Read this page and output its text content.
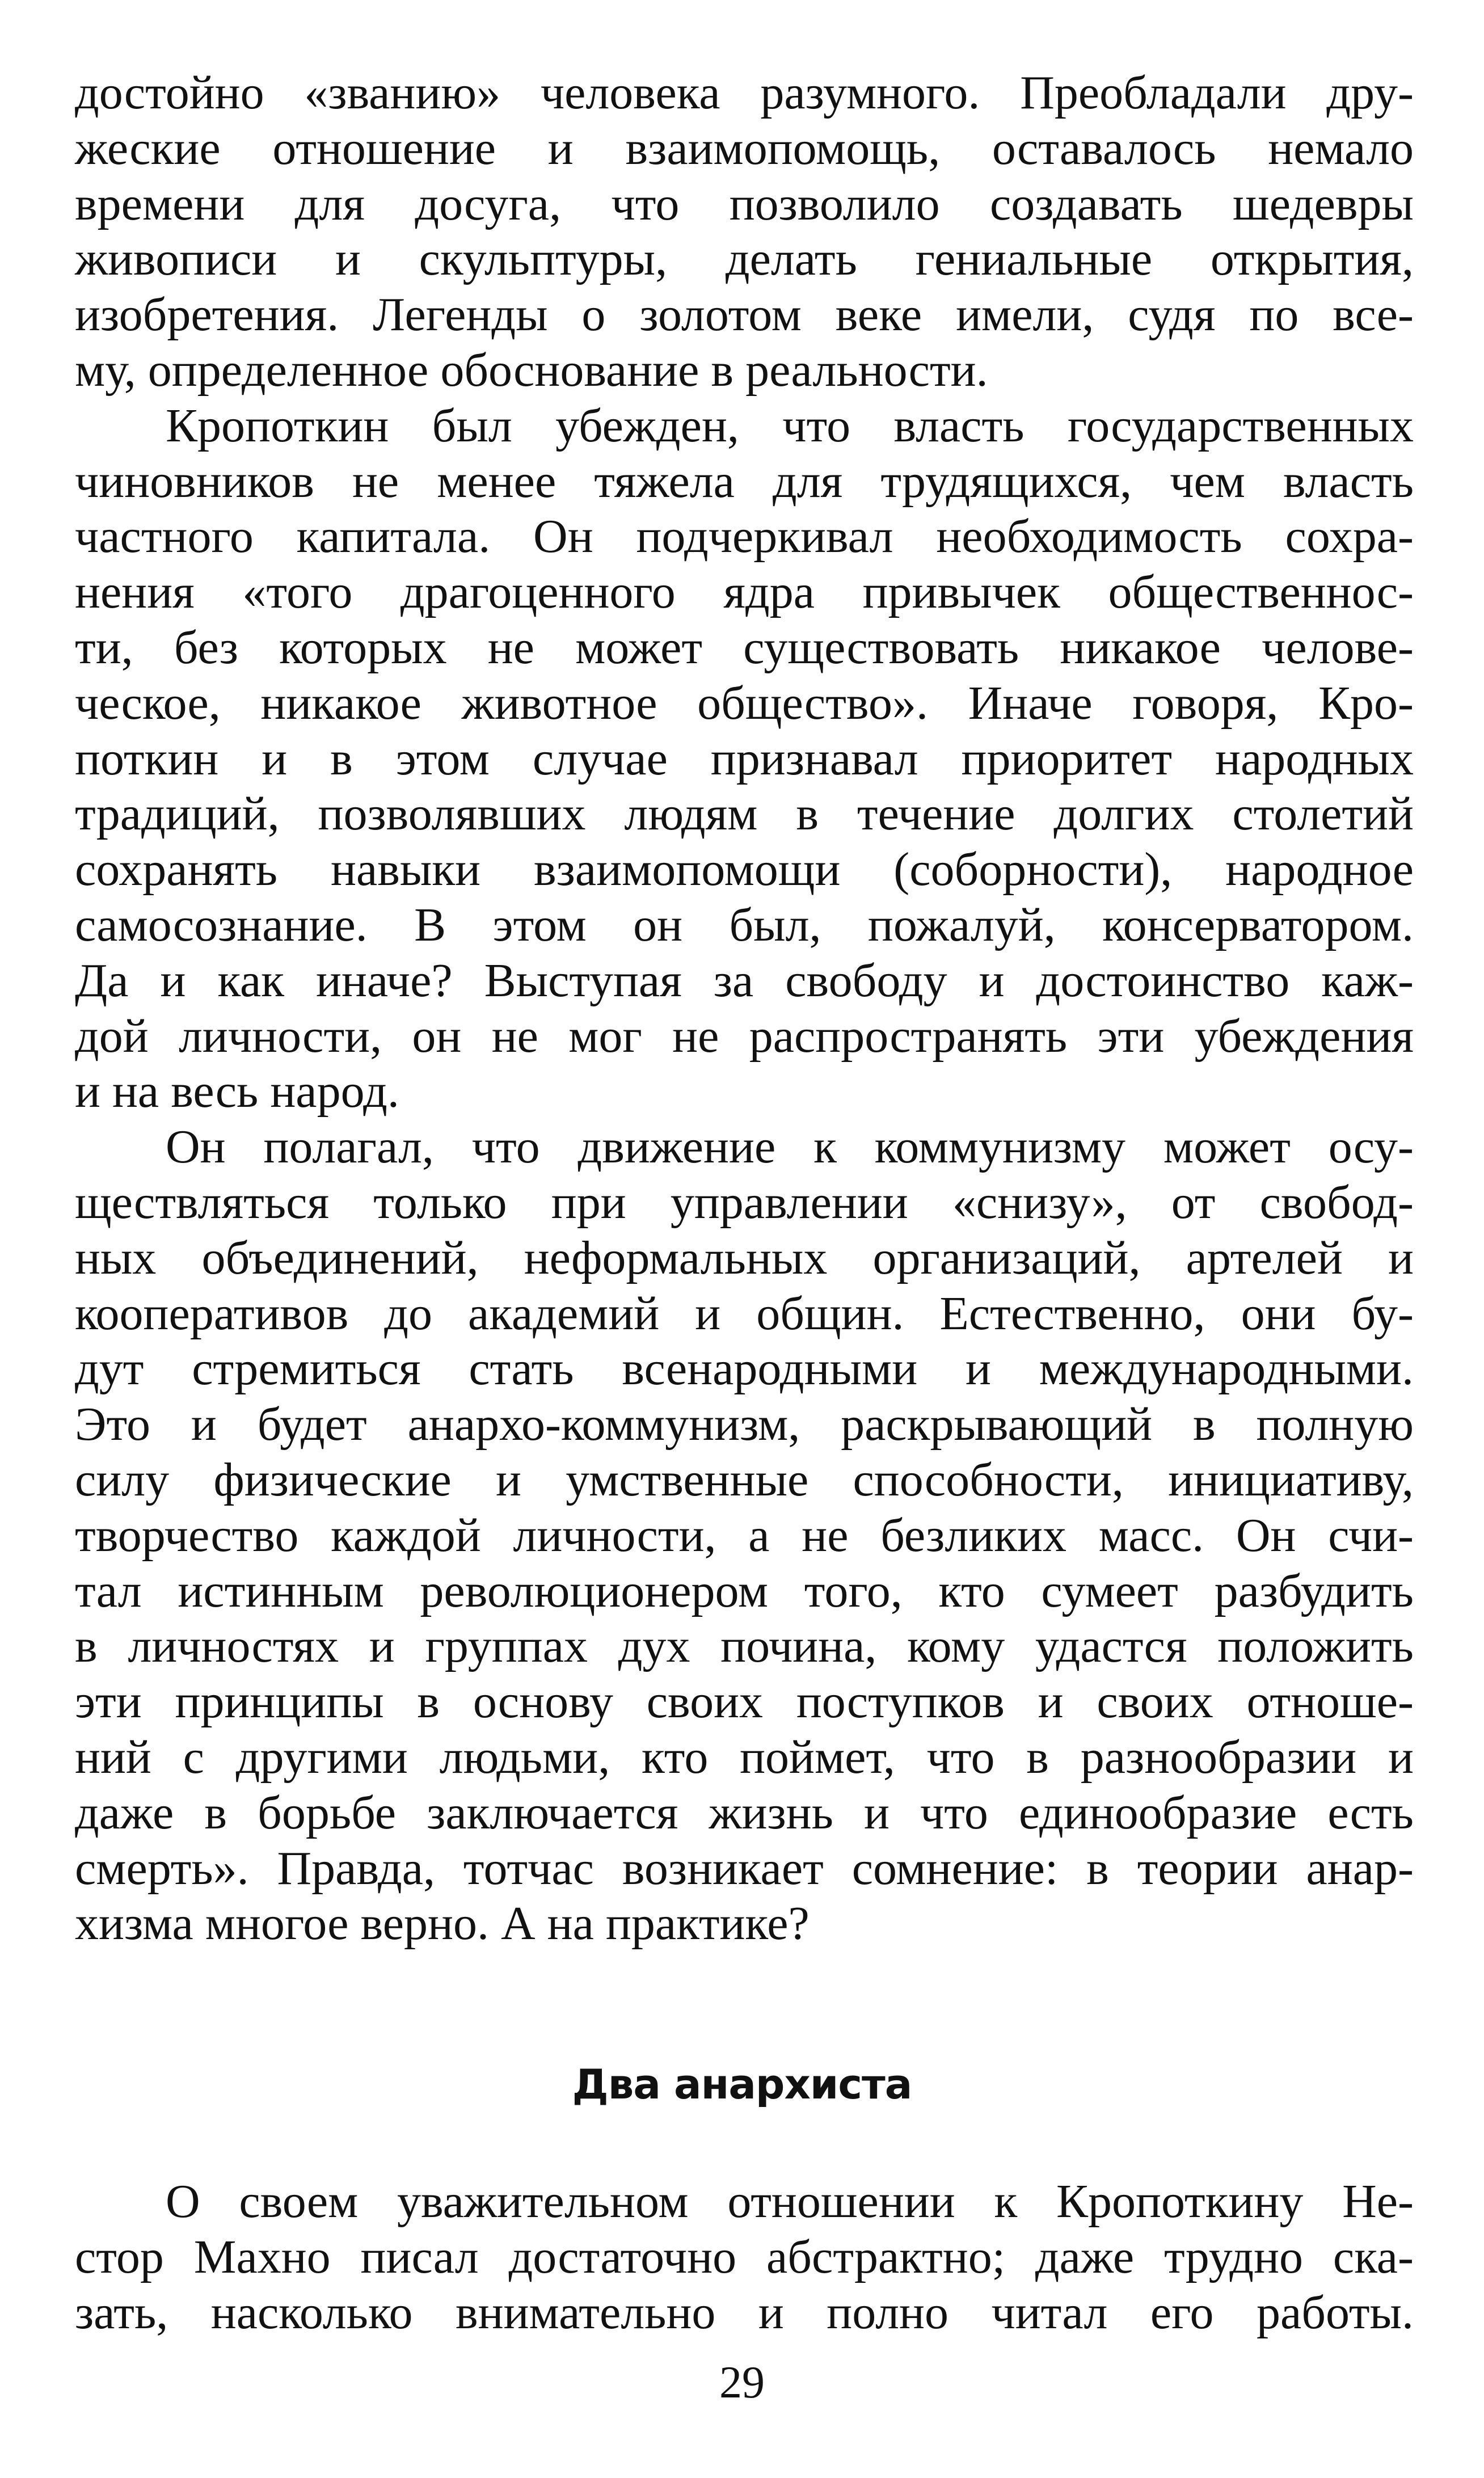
достойно «званию» человека разумного. Преобладали дру-
жеские отношение и взаимопомощь, оставалось немало
времени для досуга, что позволило создавать шедевры
живописи и скульптуры, делать гениальные открытия,
изобретения. Легенды о золотом веке имели, судя по все-
му, определенное обоснование в реальности.
Кропоткин был убежден, что власть государственных
чиновников не менее тяжела для трудящихся, чем власть
частного капитала. Он подчеркивал необходимость сохра-
нения «того драгоценного ядра привычек общественнос-
ти, без которых не может существовать никакое челове-
ческое, никакое животное общество». Иначе говоря, Кро-
поткин и в этом случае признавал приоритет народных
традиций, позволявших людям в течение долгих столетий
сохранять навыки взаимопомощи (соборности), народное
самосознание. В этом он был, пожалуй, консерватором.
Да и как иначе? Выступая за свободу и достоинство каж-
дой личности, он не мог не распространять эти убеждения
и на весь народ.
Он полагал, что движение к коммунизму может осу-
ществляться только при управлении «снизу», от свобод-
ных объединений, неформальных организаций, артелей и
кооперативов до академий и общин. Естественно, они бу-
дут стремиться стать всенародными и международными.
Это и будет анархо-коммунизм, раскрывающий в полную
силу физические и умственные способности, инициативу,
творчество каждой личности, а не безликих масс. Он счи-
тал истинным революционером того, кто сумеет разбудить
в личностях и группах дух почина, кому удастся положить
эти принципы в основу своих поступков и своих отноше-
ний с другими людьми, кто поймет, что в разнообразии и
даже в борьбе заключается жизнь и что единообразие есть
смерть». Правда, тотчас возникает сомнение: в теории анар-
хизма многое верно. А на практике?
Два анархиста
О своем уважительном отношении к Кропоткину Не-
стор Махно писал достаточно абстрактно; даже трудно ска-
зать, насколько внимательно и полно читал его работы.
29
